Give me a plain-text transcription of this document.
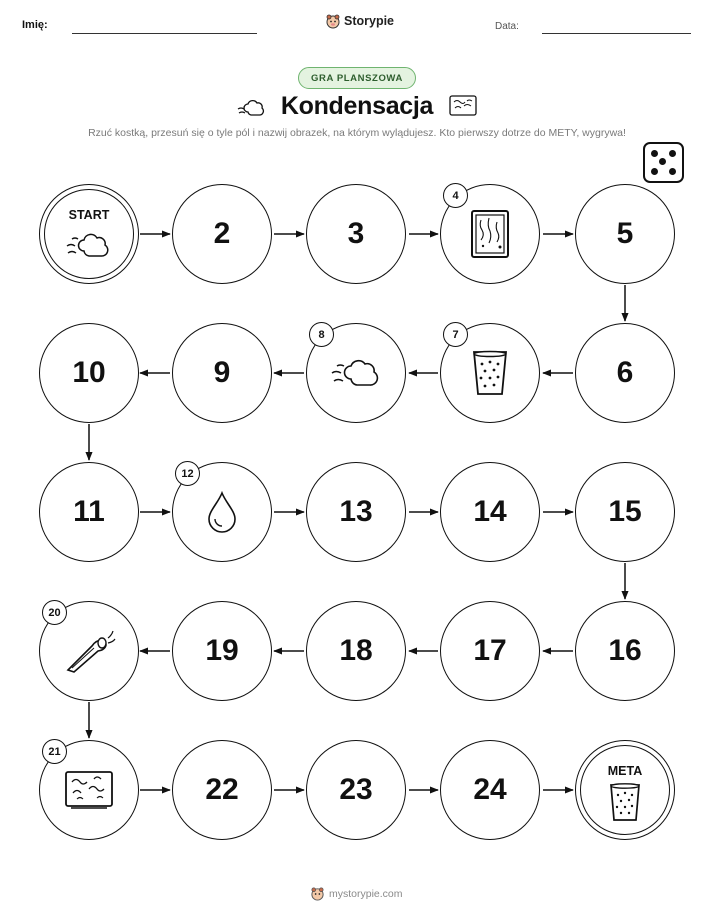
Imię:	Storypie	Data:
GRA PLANSZOWA
Kondensacja
Rzuć kostką, przesuń się o tyle pól i nazwij obrazek, na którym wylądujesz. Kto pierwszy dotrze do METY, wygrywa!
START
2	3
4
5
10	9
8	7
6
11
12
13	14	15
20
19	18	17	16
21
22	23	24
META
mystorypie.com
